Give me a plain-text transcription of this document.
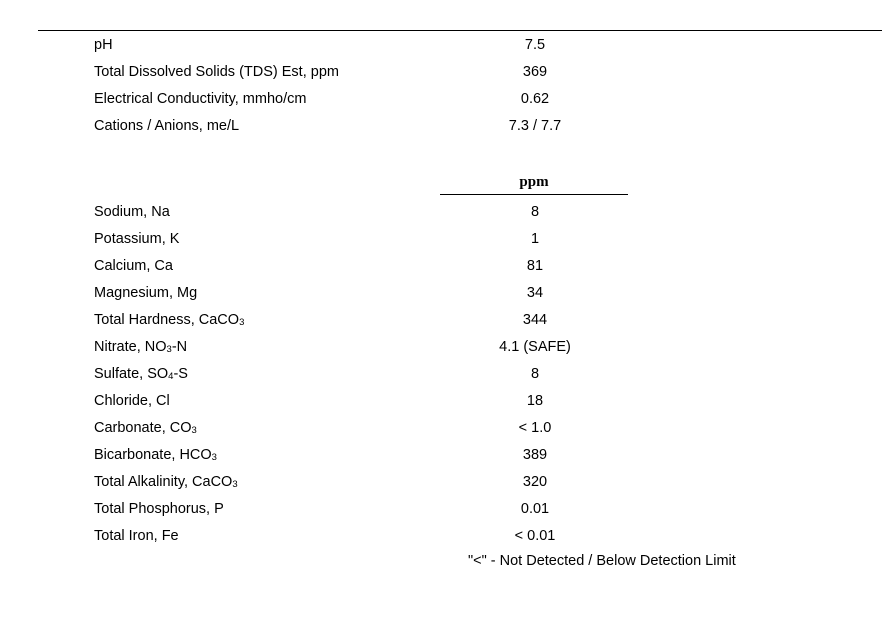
pH	7.5
Total Dissolved Solids (TDS) Est, ppm	369
Electrical Conductivity, mmho/cm	0.62
Cations / Anions, me/L	7.3 / 7.7
ppm
Sodium, Na	8
Potassium, K	1
Calcium, Ca	81
Magnesium, Mg	34
Total Hardness, CaCO$_3$	344
Nitrate, $NO_3-N$	4.1 (SAFE)
Sulfate, $SO_4-S$	8
Chloride, Cl	18
Carbonate, $CO_3$	< 1.0
Bicarbonate, $HCO_3$	389
Total Alkalinity, CaCO$_3$	320
Total Phosphorus, P	0.01
Total Iron, Fe	< 0.01
"<" - Not Detected / Below Detection Limit
